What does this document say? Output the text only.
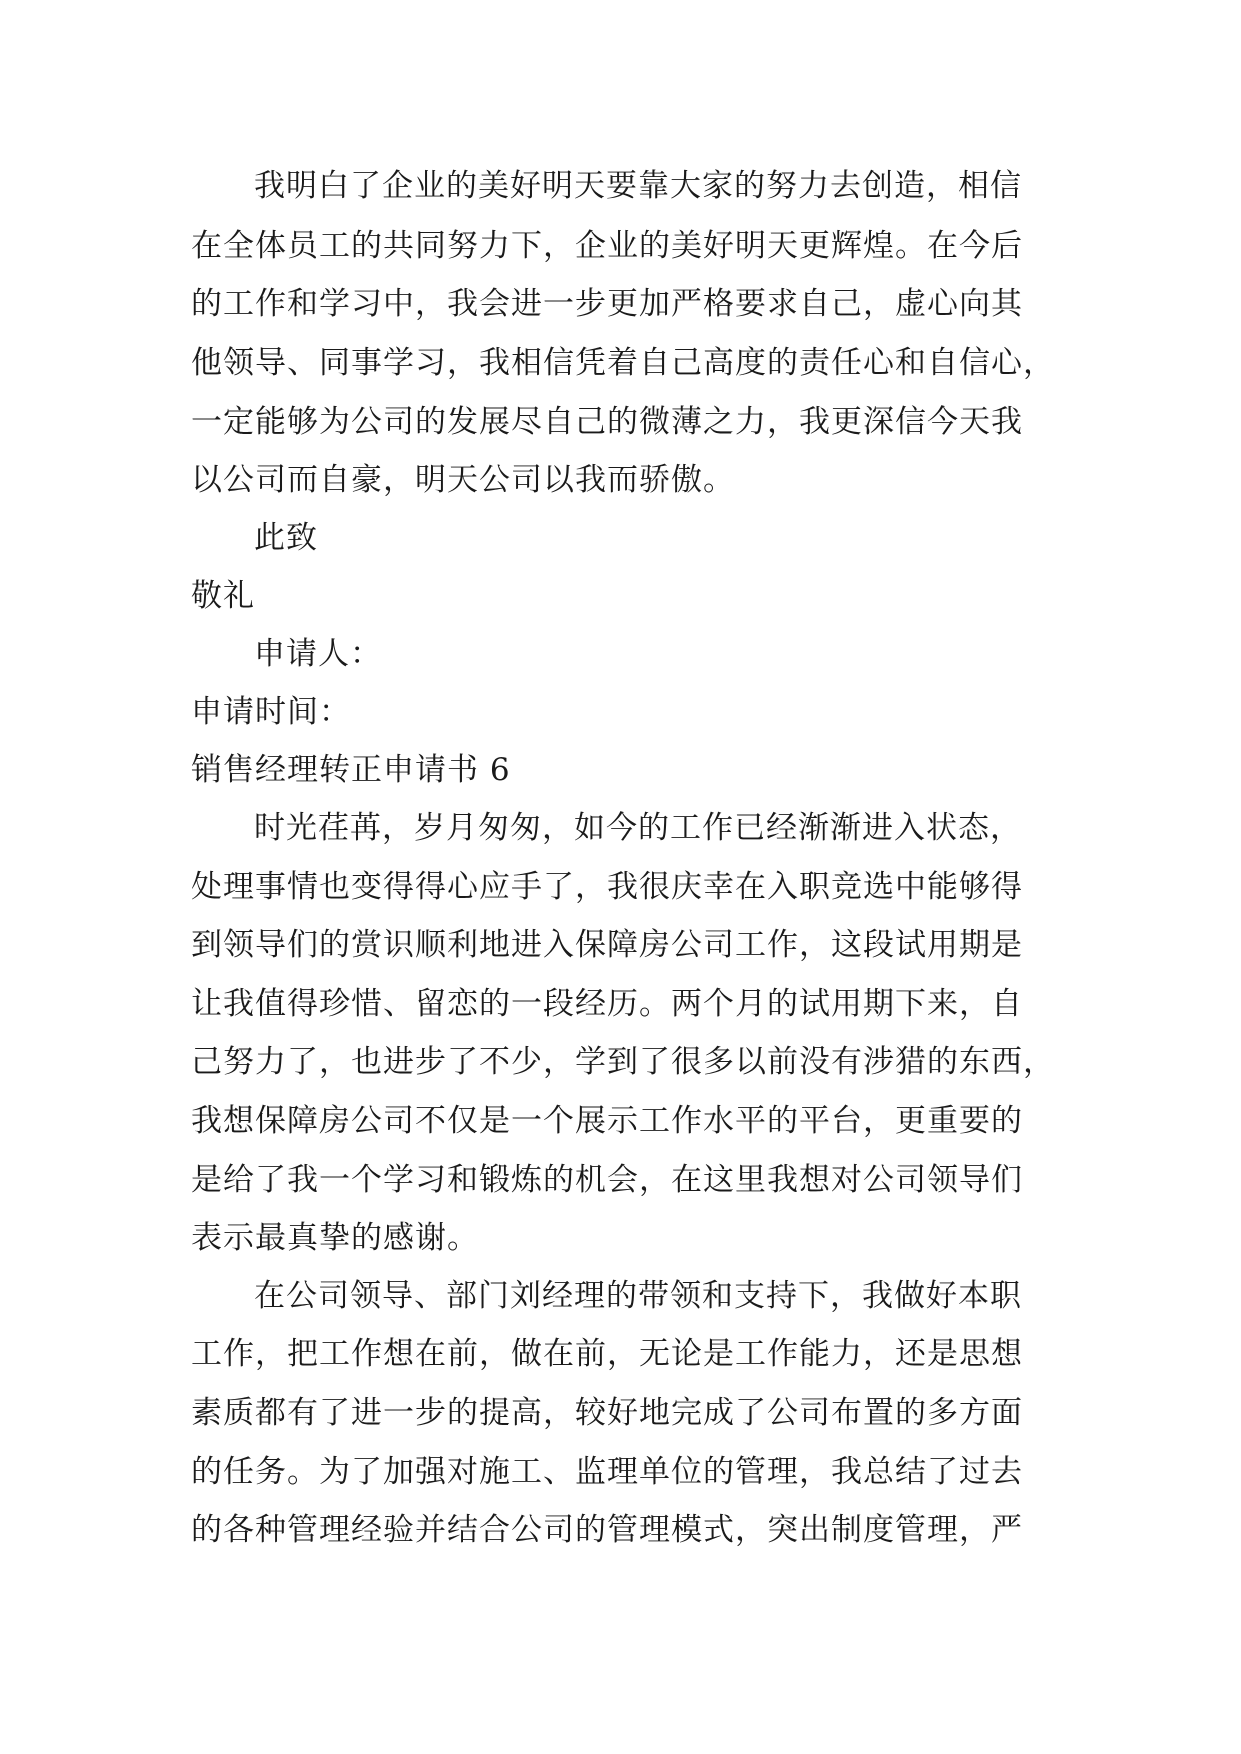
我明白了企业的美好明天要靠大家的努力去创造，相信
在全体员工的共同努力下，企业的美好明天更辉煌。在今后
的工作和学习中，我会进一步更加严格要求自己，虚心向其
他领导、同事学习，我相信凭着自己高度的责任心和自信心，
一定能够为公司的发展尽自己的微薄之力，我更深信今天我
以公司而自豪，明天公司以我而骄傲。
此致
敬礼
申请人：
申请时间：
销售经理转正申请书 6
时光荏苒，岁月匆匆，如今的工作已经渐渐进入状态，
处理事情也变得得心应手了，我很庆幸在入职竞选中能够得
到领导们的赏识顺利地进入保障房公司工作，这段试用期是
让我值得珍惜、留恋的一段经历。两个月的试用期下来，自
己努力了，也进步了不少，学到了很多以前没有涉猎的东西，
我想保障房公司不仅是一个展示工作水平的平台，更重要的
是给了我一个学习和锻炼的机会，在这里我想对公司领导们
表示最真挚的感谢。
在公司领导、部门刘经理的带领和支持下，我做好本职
工作，把工作想在前，做在前，无论是工作能力，还是思想
素质都有了进一步的提高，较好地完成了公司布置的多方面
的任务。为了加强对施工、监理单位的管理，我总结了过去
的各种管理经验并结合公司的管理模式，突出制度管理，严
